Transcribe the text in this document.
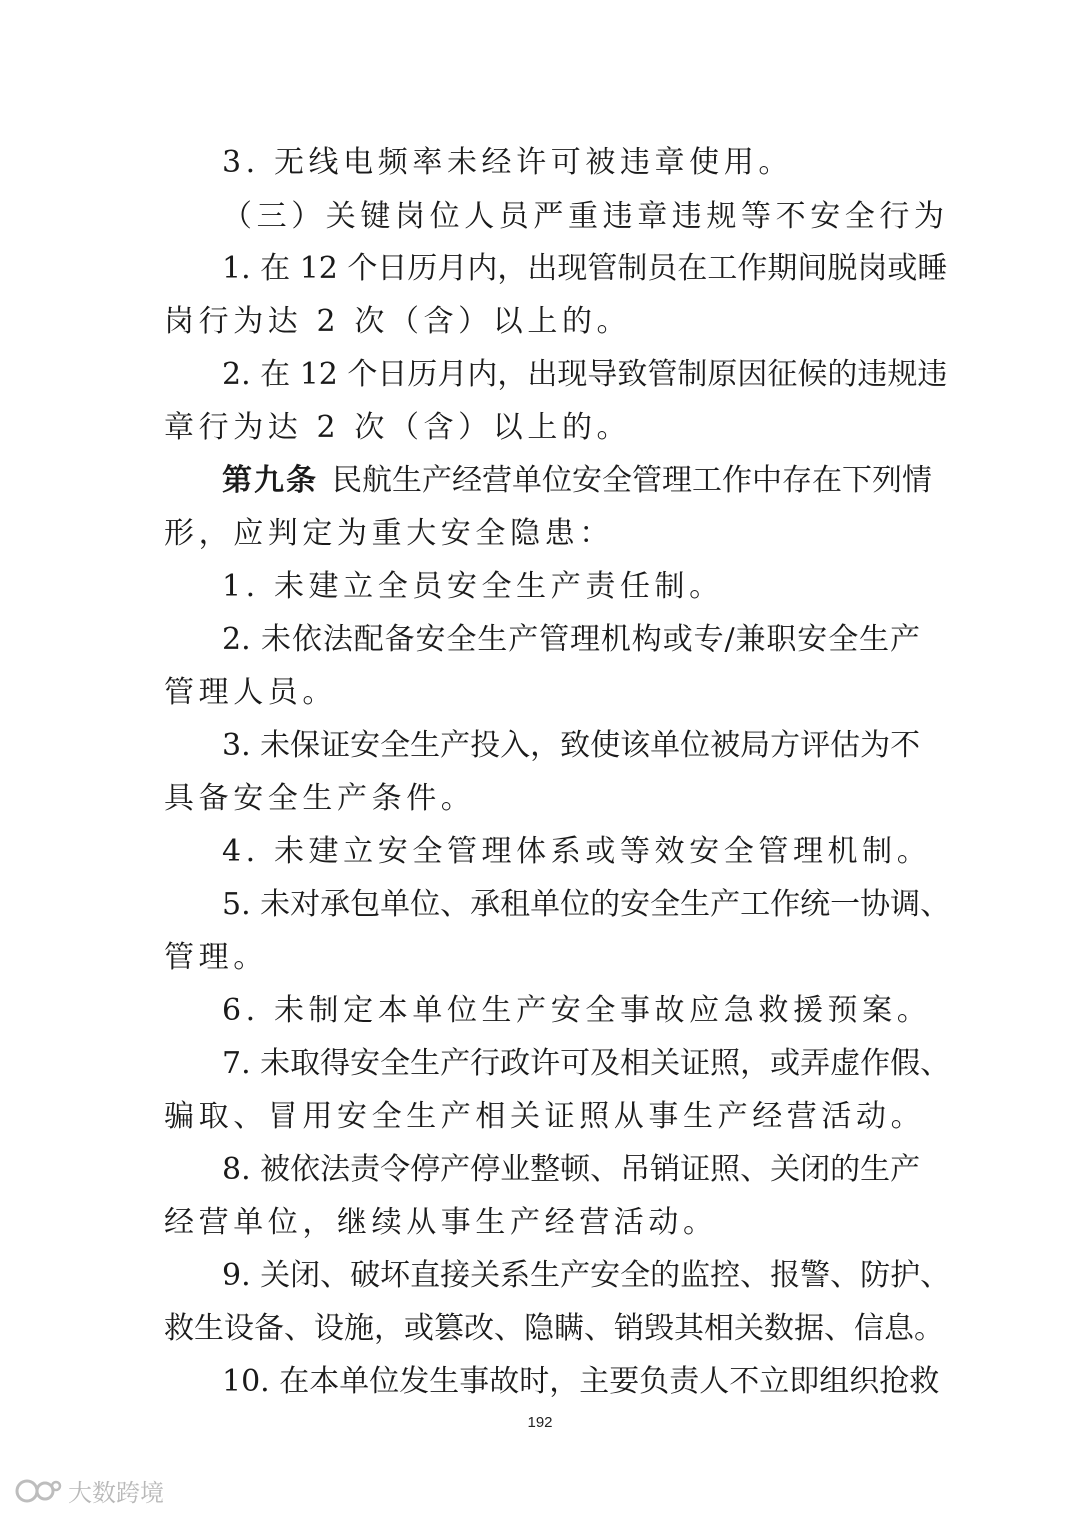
3. 无线电频率未经许可被违章使用。
（三）关键岗位人员严重违章违规等不安全行为
1. 在 12 个日历月内，出现管制员在工作期间脱岗或睡
岗行为达 2 次（含）以上的。
2. 在 12 个日历月内，出现导致管制原因征候的违规违
章行为达 2 次（含）以上的。
第九条 民航生产经营单位安全管理工作中存在下列情
形，应判定为重大安全隐患：
1. 未建立全员安全生产责任制。
2. 未依法配备安全生产管理机构或专/兼职安全生产
管理人员。
3. 未保证安全生产投入，致使该单位被局方评估为不
具备安全生产条件。
4. 未建立安全管理体系或等效安全管理机制。
5. 未对承包单位、承租单位的安全生产工作统一协调、
管理。
6. 未制定本单位生产安全事故应急救援预案。
7. 未取得安全生产行政许可及相关证照，或弄虚作假、
骗取、冒用安全生产相关证照从事生产经营活动。
8. 被依法责令停产停业整顿、吊销证照、关闭的生产
经营单位，继续从事生产经营活动。
9. 关闭、破坏直接关系生产安全的监控、报警、防护、
救生设备、设施，或篡改、隐瞒、销毁其相关数据、信息。
10. 在本单位发生事故时，主要负责人不立即组织抢救
192
大数跨境
